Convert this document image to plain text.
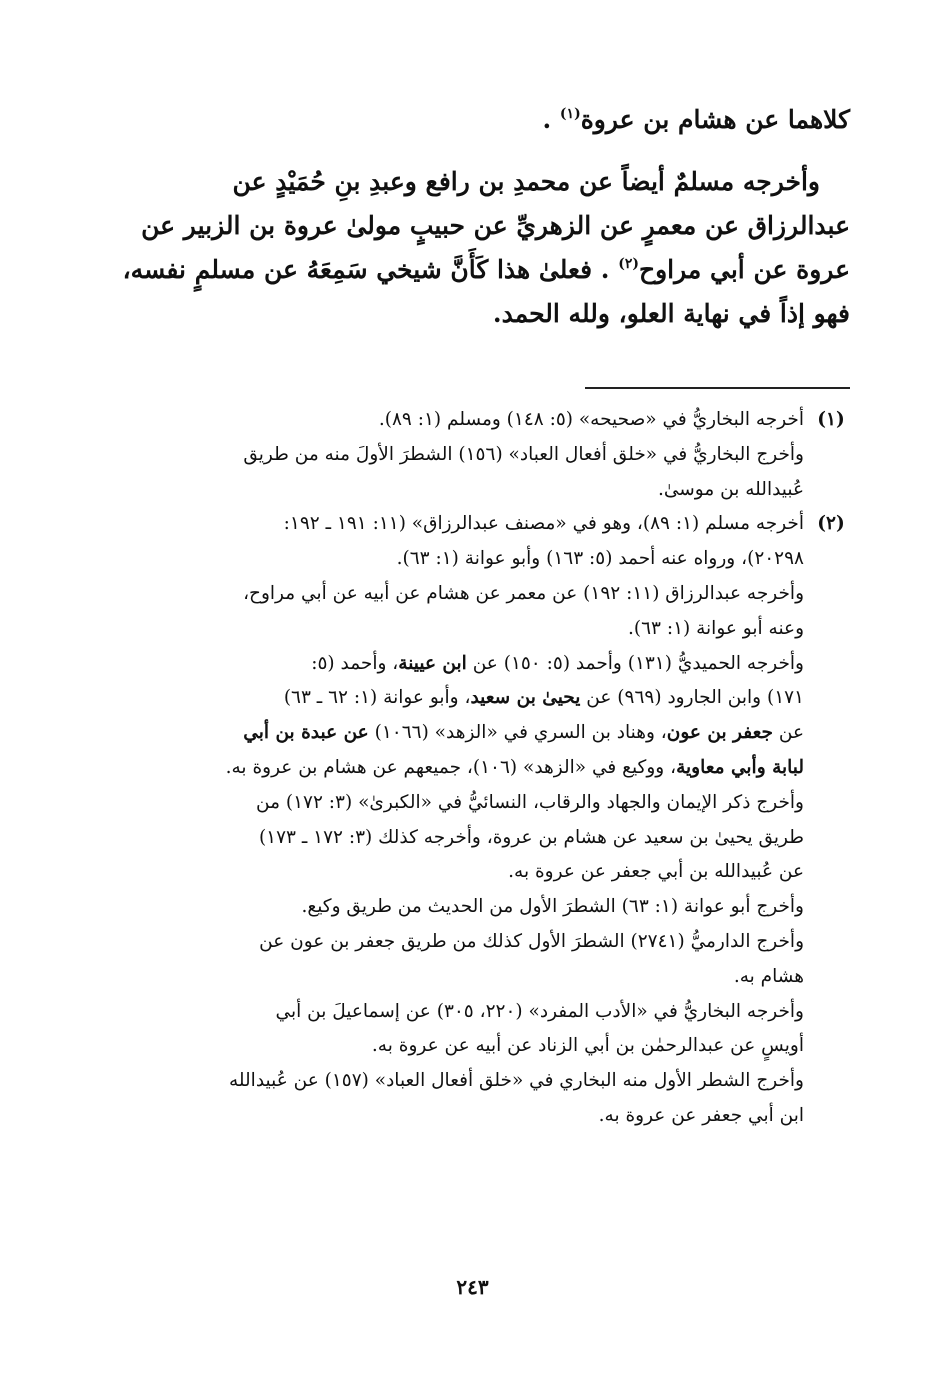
كلاهما عن هشام بن عروة$^{(١)}$ .
وأخرجه مسلمٌ أيضاً عن محمدِ بن رافع وعبدِ بنِ حُمَيْدٍ عن
عبدالرزاق عن معمرٍ عن الزهريِّ عن حبيبٍ مولىٰ عروة بن الزبير عن
عروة عن أبي مراوح$^{(٢)}$ . فعلىٰ هذا كَأَنَّ شيخي سَمِعَهُ عن مسلمٍ نفسه،
فهو إذاً في نهاية العلو، ولله الحمد.
(١)
أخرجه البخاريُّ في «صحيحه» (٥: ١٤٨) ومسلم (١: ٨٩).
وأخرج البخاريُّ في «خلق أفعال العباد» (١٥٦) الشطرَ الأولَ منه من طريق
عُبيدالله بن موسىٰ.
(٢)
أخرجه مسلم (١: ٨٩)، وهو في «مصنف عبدالرزاق» (١١: ١٩١ ـ ١٩٢:
٢٠٢٩٨)، ورواه عنه أحمد (٥: ١٦٣) وأبو عوانة (١: ٦٣).
وأخرجه عبدالرزاق (١١: ١٩٢) عن معمر عن هشام عن أبيه عن أبي مراوح،
وعنه أبو عوانة (١: ٦٣).
وأخرجه الحميديُّ (١٣١) وأحمد (٥: ١٥٠) عن ابن عيينة، وأحمد (٥:
١٧١) وابن الجارود (٩٦٩) عن يحيىٰ بن سعيد، وأبو عوانة (١: ٦٢ ـ ٦٣)
عن جعفر بن عون، وهناد بن السري في «الزهد» (١٠٦٦) عن عبدة بن أبي
لبابة وأبي معاوية، ووكيع في «الزهد» (١٠٦)، جميعهم عن هشام بن عروة به.
وأخرج ذكر الإيمان والجهاد والرقاب، النسائيُّ في «الكبرىٰ» (٣: ١٧٢) من
طريق يحيىٰ بن سعيد عن هشام بن عروة، وأخرجه كذلك (٣: ١٧٢ ـ ١٧٣)
عن عُبيدالله بن أبي جعفر عن عروة به.
وأخرج أبو عوانة (١: ٦٣) الشطرَ الأول من الحديث من طريق وكيع.
وأخرج الدارميُّ (٢٧٤١) الشطرَ الأول كذلك من طريق جعفر بن عون عن
هشام به.
وأخرجه البخاريُّ في «الأدب المفرد» (٢٢٠، ٣٠٥) عن إسماعيلَ بن أبي
أويسٍ عن عبدالرحمٰن بن أبي الزناد عن أبيه عن عروة به.
وأخرج الشطر الأول منه البخاري في «خلق أفعال العباد» (١٥٧) عن عُبيدالله
ابن أبي جعفر عن عروة به.
٢٤٣
